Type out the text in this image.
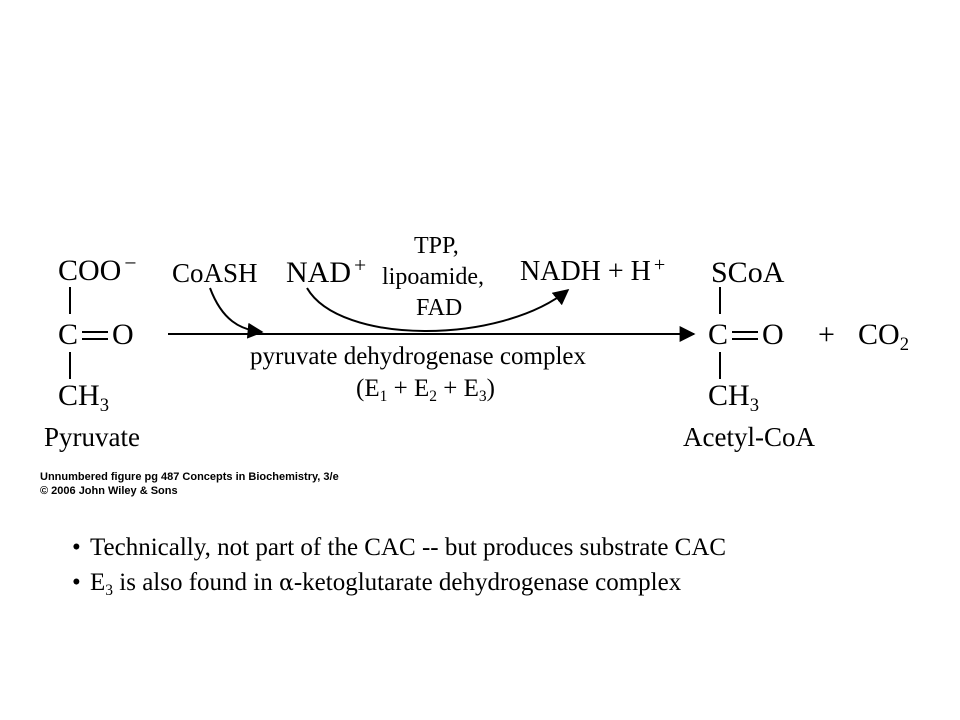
COO −
C O
CH3
Pyruvate
CoASH NAD +
TPP,
lipoamide,
FAD
NADH + H +
pyruvate dehydrogenase complex
(E1 + E2 + E3)
SCoA
C O + CO2
CH3
Acetyl-CoA
Unnumbered figure pg 487 Concepts in Biochemistry, 3/e
© 2006 John Wiley & Sons
• Technically, not part of the CAC -- but produces substrate CAC
• E3 is also found in α-ketoglutarate dehydrogenase complex
